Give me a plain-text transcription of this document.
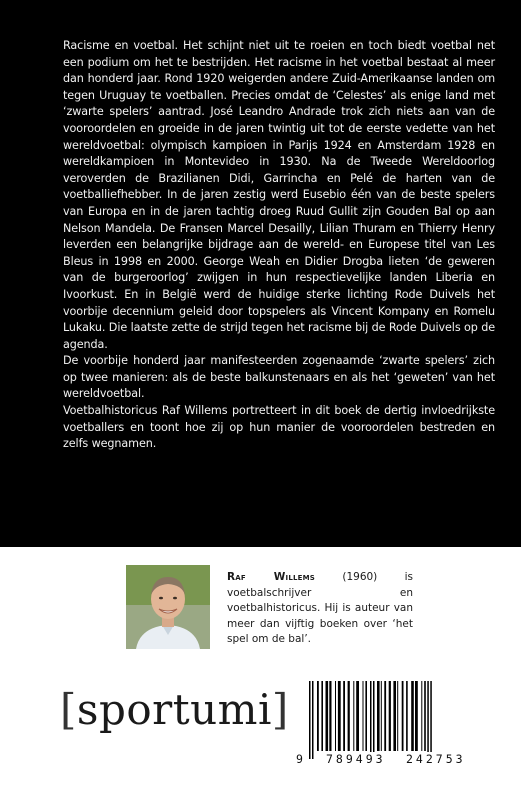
Racisme en voetbal. Het schijnt niet uit te roeien en toch biedt voetbal net een podium om het te bestrijden. Het racisme in het voetbal bestaat al meer dan honderd jaar. Rond 1920 weigerden andere Zuid-Amerikaanse landen om tegen Uruguay te voetballen. Precies omdat de ‘Celestes’ als enige land met ‘zwarte spelers’ aantrad. José Leandro Andrade trok zich niets aan van de vooroordelen en groeide in de jaren twintig uit tot de eerste vedette van het wereldvoetbal: olympisch kampioen in Parijs 1924 en Amsterdam 1928 en wereldkampioen in Montevideo in 1930. Na de Tweede Wereldoorlog veroverden de Brazilianen Didi, Garrincha en Pelé de harten van de voetballiefhebber. In de jaren zestig werd Eusebio één van de beste spelers van Europa en in de jaren tachtig droeg Ruud Gullit zijn Gouden Bal op aan Nelson Mandela. De Fransen Marcel Desailly, Lilian Thuram en Thierry Henry leverden een belangrijke bijdrage aan de wereld- en Europese titel van Les Bleus in 1998 en 2000. George Weah en Didier Drogba lieten ‘de geweren van de burgeroorlog’ zwijgen in hun respectievelijke landen Liberia en Ivoorkust. En in België werd de huidige sterke lichting Rode Duivels het voorbije decennium geleid door topspelers als Vincent Kompany en Romelu Lukaku. Die laatste zette de strijd tegen het racisme bij de Rode Duivels op de agenda.

De voorbije honderd jaar manifesteerden zogenaamde ‘zwarte spelers’ zich op twee manieren: als de beste balkunstenaars en als het ‘geweten’ van het wereldvoetbal.

Voetbalhistoricus Raf Willems portretteert in dit boek de dertig invloedrijkste voetballers en toont hoe zij op hun manier de vooroordelen bestreden en zelfs wegnamen.

Raf Willems (1960) is voetbalschrijver en voetbalhistoricus. Hij is auteur van meer dan vijftig boeken over ‘het spel om de bal’.
[sportumi]
9 789493 242753
